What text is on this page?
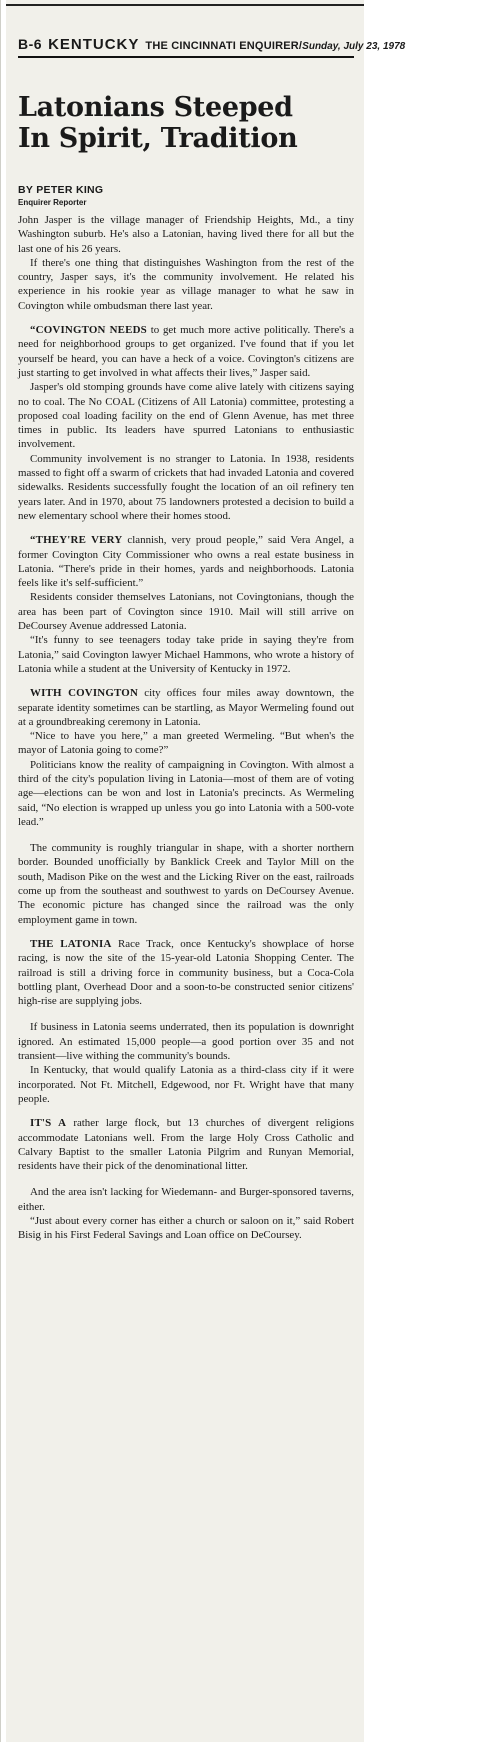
B-6 KENTUCKY THE CINCINNATI ENQUIRER/ Sunday, July 23, 1978
Latonians Steeped
In Spirit, Tradition
BY PETER KING
Enquirer Reporter

John Jasper is the village manager of Friendship Heights, Md., a tiny Washington suburb. He's also a Latonian, having lived there for all but the last one of his 26 years.

If there's one thing that distinguishes Washington from the rest of the country, Jasper says, it's the community involvement. He related his experience in his rookie year as village manager to what he saw in Covington while ombudsman there last year.

“COVINGTON NEEDS to get much more active politically. There's a need for neighborhood groups to get organized. I've found that if you let yourself be heard, you can have a heck of a voice. Covington's citizens are just starting to get involved in what affects their lives,” Jasper said.

Jasper's old stomping grounds have come alive lately with citizens saying no to coal. The No COAL (Citizens of All Latonia) committee, protesting a proposed coal loading facility on the end of Glenn Avenue, has met three times in public. Its leaders have spurred Latonians to enthusiastic involvement.

Community involvement is no stranger to Latonia. In 1938, residents massed to fight off a swarm of crickets that had invaded Latonia and covered sidewalks. Residents successfully fought the location of an oil refinery ten years later. And in 1970, about 75 landowners protested a decision to build a new elementary school where their homes stood.

“THEY'RE VERY clannish, very proud people,” said Vera Angel, a former Covington City Commissioner who owns a real estate business in Latonia. “There's pride in their homes, yards and neighborhoods. Latonia feels like it's self-sufficient.”

Residents consider themselves Latonians, not Covingtonians, though the area has been part of Covington since 1910. Mail will still arrive on DeCoursey Avenue addressed Latonia.

“It's funny to see teenagers today take pride in saying they're from Latonia,” said Covington lawyer Michael Hammons, who wrote a history of Latonia while a student at the University of Kentucky in 1972.

WITH COVINGTON city offices four miles away downtown, the separate identity sometimes can be startling, as Mayor Wermeling found out at a groundbreaking ceremony in Latonia.

“Nice to have you here,” a man greeted Wermeling. “But when's the mayor of Latonia going to come?”

Politicians know the reality of campaigning in Covington. With almost a third of the city's population living in Latonia—most of them are of voting age—elections can be won and lost in Latonia's precincts. As Wermeling said, “No election is wrapped up unless you go into Latonia with a 500-vote lead.”

The community is roughly triangular in shape, with a shorter northern border. Bounded unofficially by Banklick Creek and Taylor Mill on the south, Madison Pike on the west and the Licking River on the east, railroads come up from the southeast and southwest to yards on DeCoursey Avenue. The economic picture has changed since the railroad was the only employment game in town.

THE LATONIA Race Track, once Kentucky's showplace of horse racing, is now the site of the 15-year-old Latonia Shopping Center. The railroad is still a driving force in community business, but a Coca-Cola bottling plant, Overhead Door and a soon-to-be constructed senior citizens' high-rise are supplying jobs.

If business in Latonia seems underrated, then its population is downright ignored. An estimated 15,000 people—a good portion over 35 and not transient—live withing the community's bounds.

In Kentucky, that would qualify Latonia as a third-class city if it were incorporated. Not Ft. Mitchell, Edgewood, nor Ft. Wright have that many people.

IT'S A rather large flock, but 13 churches of divergent religions accommodate Latonians well. From the large Holy Cross Catholic and Calvary Baptist to the smaller Latonia Pilgrim and Runyan Memorial, residents have their pick of the denominational litter.

And the area isn't lacking for Wiedemann- and Burger-sponsored taverns, either.

“Just about every corner has either a church or saloon on it,” said Robert Bisig in his First Federal Savings and Loan office on DeCoursey.
